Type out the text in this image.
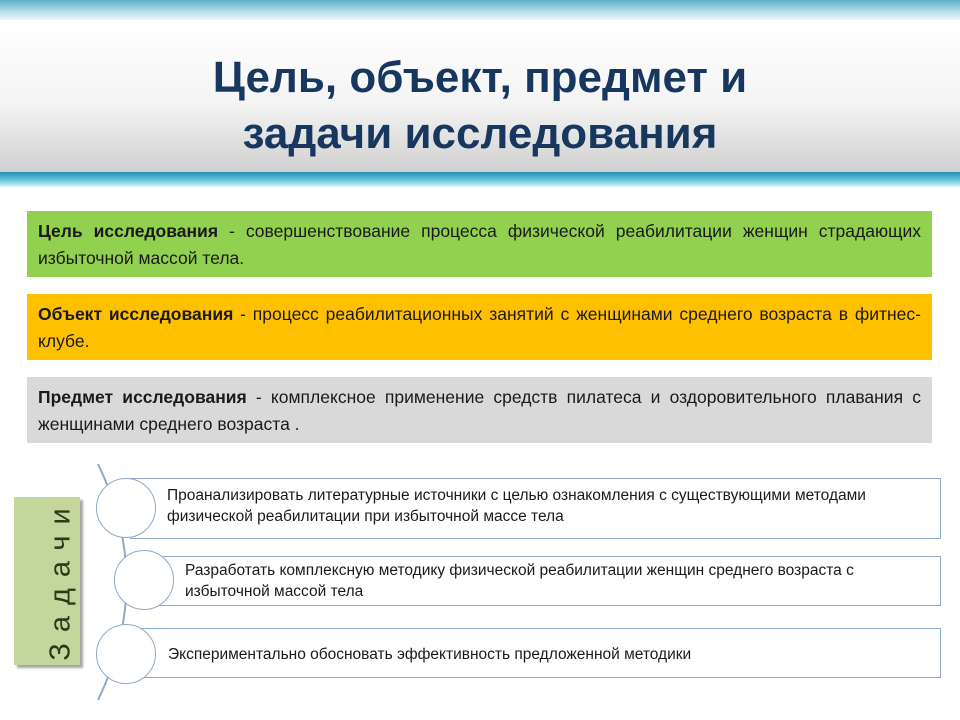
Цель, объект, предмет и
задачи исследования
Цель исследования - совершенствование процесса физической реабилитации женщин страдающих избыточной массой тела.
Объект исследования - процесс реабилитационных занятий с женщинами среднего возраста в фитнес-клубе.
Предмет исследования - комплексное применение средств пилатеса и оздоровительного плавания с женщинами среднего возраста .
Задачи
Проанализировать литературные источники с целью ознакомления с существующими методами физической реабилитации при избыточной массе тела
Разработать комплексную методику физической реабилитации женщин среднего возраста с избыточной массой тела
Экспериментально обосновать эффективность предложенной методики
